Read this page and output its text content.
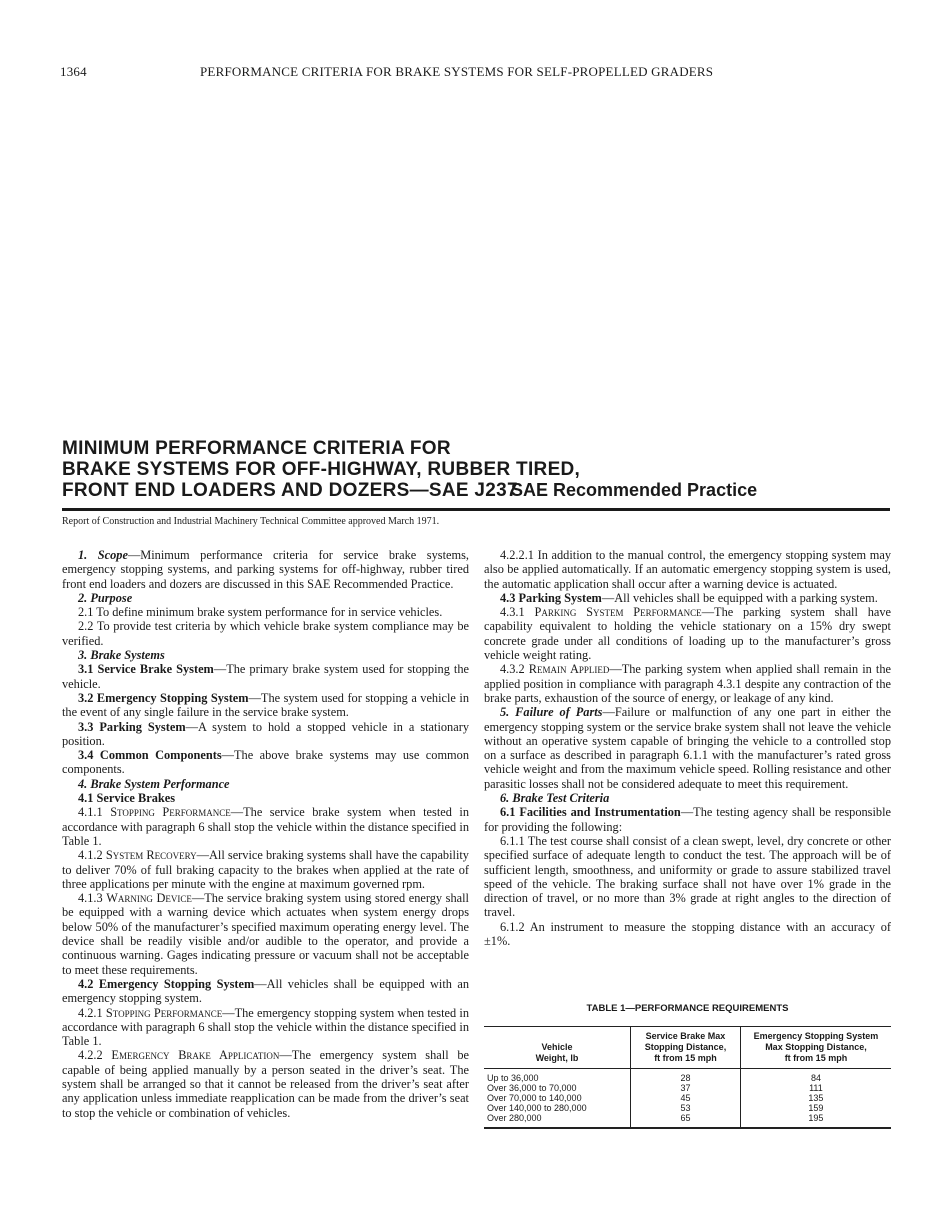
1364	PERFORMANCE CRITERIA FOR BRAKE SYSTEMS FOR SELF-PROPELLED GRADERS
MINIMUM PERFORMANCE CRITERIA FOR
BRAKE SYSTEMS FOR OFF-HIGHWAY, RUBBER TIRED,
FRONT END LOADERS AND DOZERS—SAE J237
SAE Recommended Practice
Report of Construction and Industrial Machinery Technical Committee approved March 1971.

1. Scope—Minimum performance criteria for service brake systems, emergency stopping systems, and parking systems for off-highway, rubber tired front end loaders and dozers are discussed in this SAE Recommended Practice.

2. Purpose

2.1 To define minimum brake system performance for in service vehicles.

2.2 To provide test criteria by which vehicle brake system compliance may be verified.

3. Brake Systems

3.1 Service Brake System—The primary brake system used for stopping the vehicle.

3.2 Emergency Stopping System—The system used for stopping a vehicle in the event of any single failure in the service brake system.

3.3 Parking System—A system to hold a stopped vehicle in a stationary position.

3.4 Common Components—The above brake systems may use common components.

4. Brake System Performance

4.1 Service Brakes

4.1.1 Stopping Performance—The service brake system when tested in accordance with paragraph 6 shall stop the vehicle within the distance specified in Table 1.

4.1.2 System Recovery—All service braking systems shall have the capability to deliver 70% of full braking capacity to the brakes when applied at the rate of three applications per minute with the engine at maximum governed rpm.

4.1.3 Warning Device—The service braking system using stored energy shall be equipped with a warning device which actuates when system energy drops below 50% of the manufacturer’s specified maximum operating energy level. The device shall be readily visible and/or audible to the operator, and provide a continuous warning. Gages indicating pressure or vacuum shall not be acceptable to meet these requirements.

4.2 Emergency Stopping System—All vehicles shall be equipped with an emergency stopping system.

4.2.1 Stopping Performance—The emergency stopping system when tested in accordance with paragraph 6 shall stop the vehicle within the distance specified in Table 1.

4.2.2 Emergency Brake Application—The emergency system shall be capable of being applied manually by a person seated in the driver’s seat. The system shall be arranged so that it cannot be released from the driver’s seat after any application unless immediate reapplication can be made from the driver’s seat to stop the vehicle or combination of vehicles.

4.2.2.1 In addition to the manual control, the emergency stopping system may also be applied automatically. If an automatic emergency stopping system is used, the automatic application shall occur after a warning device is actuated.

4.3 Parking System—All vehicles shall be equipped with a parking system.

4.3.1 Parking System Performance—The parking system shall have capability equivalent to holding the vehicle stationary on a 15% dry swept concrete grade under all conditions of loading up to the manufacturer’s gross vehicle weight rating.

4.3.2 Remain Applied—The parking system when applied shall remain in the applied position in compliance with paragraph 4.3.1 despite any contraction of the brake parts, exhaustion of the source of energy, or leakage of any kind.

5. Failure of Parts—Failure or malfunction of any one part in either the emergency stopping system or the service brake system shall not leave the vehicle without an operative system capable of bringing the vehicle to a controlled stop on a surface as described in paragraph 6.1.1 with the manufacturer’s rated gross vehicle weight and from the maximum vehicle speed. Rolling resistance and other parasitic losses shall not be considered adequate to meet this requirement.

6. Brake Test Criteria

6.1 Facilities and Instrumentation—The testing agency shall be responsible for providing the following:

6.1.1 The test course shall consist of a clean swept, level, dry concrete or other specified surface of adequate length to conduct the test. The approach will be of sufficient length, smoothness, and uniformity or grade to assure stabilized travel speed of the vehicle. The braking surface shall not have over 1% grade in the direction of travel, or no more than 3% grade at right angles to the direction of travel.

6.1.2 An instrument to measure the stopping distance with an accuracy of ±1%.

TABLE 1—PERFORMANCE REQUIREMENTS
Vehicle
Weight, lb	Service Brake Max
Stopping Distance,
ft from 15 mph	Emergency Stopping System
Max Stopping Distance,
ft from 15 mph
Up to 36,000	28	84
Over 36,000 to 70,000	37	111
Over 70,000 to 140,000	45	135
Over 140,000 to 280,000	53	159
Over 280,000	65	195
